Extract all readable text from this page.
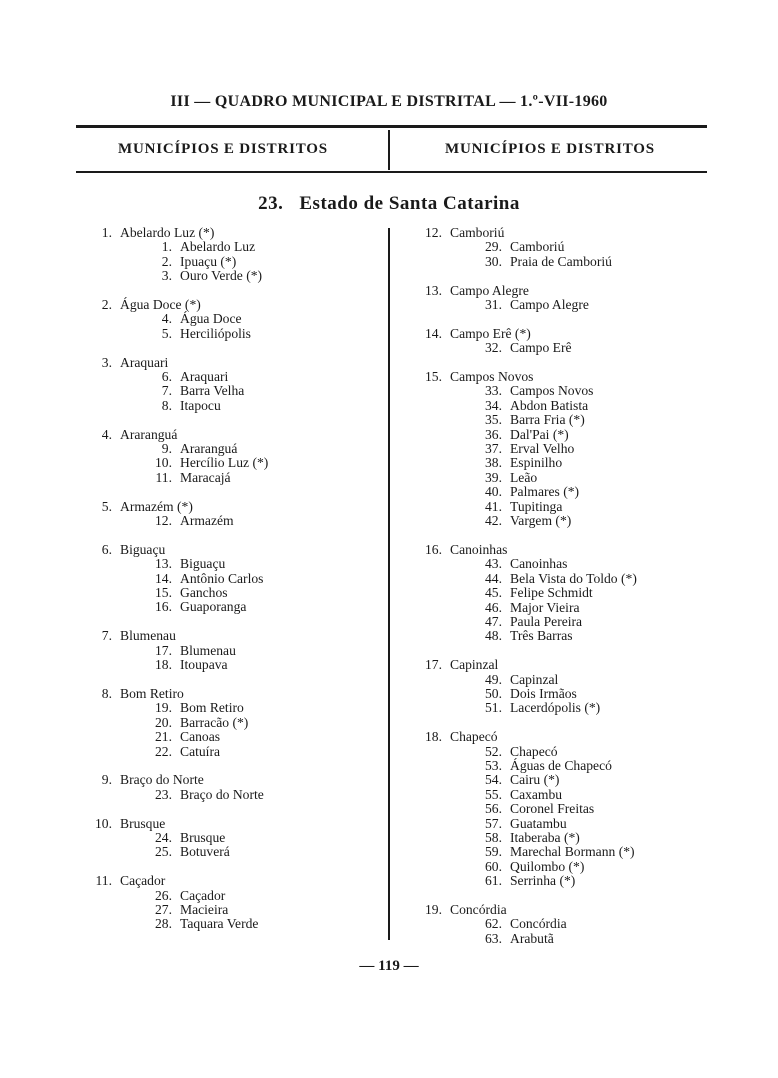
III — QUADRO MUNICIPAL E DISTRITAL — 1.º-VII-1960
MUNICÍPIOS E DISTRITOS	MUNICÍPIOS E DISTRITOS
23. Estado de Santa Catarina
1. Abelardo Luz (*)
1. Abelardo Luz
2. Ipuaçu (*)
3. Ouro Verde (*)
2. Água Doce (*)
4. Água Doce
5. Herciliópolis
3. Araquari
6. Araquari
7. Barra Velha
8. Itapocu
4. Araranguá
9. Araranguá
10. Hercílio Luz (*)
11. Maracajá
5. Armazém (*)
12. Armazém
6. Biguaçu
13. Biguaçu
14. Antônio Carlos
15. Ganchos
16. Guaporanga
7. Blumenau
17. Blumenau
18. Itoupava
8. Bom Retiro
19. Bom Retiro
20. Barracão (*)
21. Canoas
22. Catuíra
9. Braço do Norte
23. Braço do Norte
10. Brusque
24. Brusque
25. Botuverá
11. Caçador
26. Caçador
27. Macieira
28. Taquara Verde
12. Camboriú
29. Camboriú
30. Praia de Camboriú
13. Campo Alegre
31. Campo Alegre
14. Campo Erê (*)
32. Campo Erê
15. Campos Novos
33. Campos Novos
34. Abdon Batista
35. Barra Fria (*)
36. Dal'Pai (*)
37. Erval Velho
38. Espinilho
39. Leão
40. Palmares (*)
41. Tupitinga
42. Vargem (*)
16. Canoinhas
43. Canoinhas
44. Bela Vista do Toldo (*)
45. Felipe Schmidt
46. Major Vieira
47. Paula Pereira
48. Três Barras
17. Capinzal
49. Capinzal
50. Dois Irmãos
51. Lacerdópolis (*)
18. Chapecó
52. Chapecó
53. Águas de Chapecó
54. Cairu (*)
55. Caxambu
56. Coronel Freitas
57. Guatambu
58. Itaberaba (*)
59. Marechal Bormann (*)
60. Quilombo (*)
61. Serrinha (*)
19. Concórdia
62. Concórdia
63. Arabutã
— 119 —
